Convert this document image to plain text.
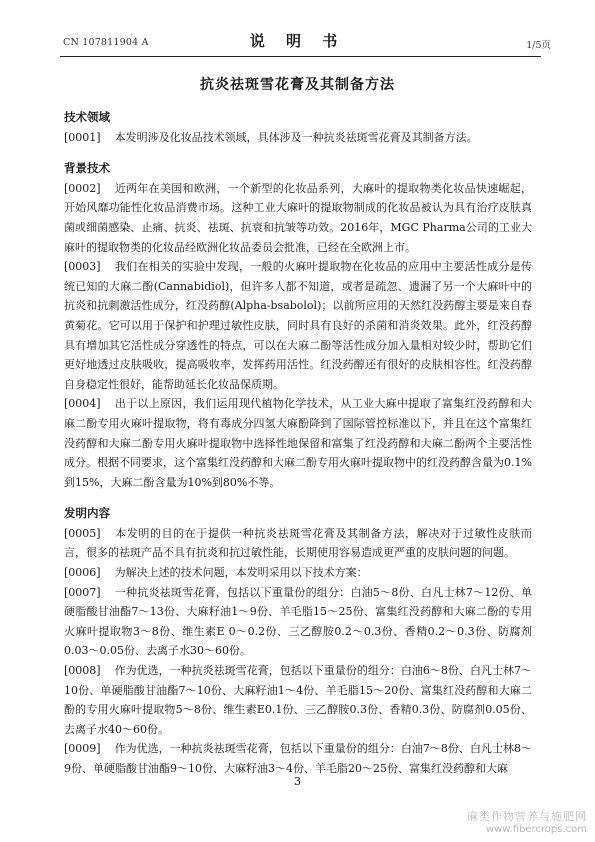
CN 107811904 A	说 明 书	1/5页
抗炎祛斑雪花膏及其制备方法

技术领域

[0001] 本发明涉及化妆品技术领域，具体涉及一种抗炎祛斑雪花膏及其制备方法。

背景技术

[0002] 近两年在美国和欧洲，一个新型的化妆品系列，大麻叶的提取物类化妆品快速崛起，开始风靡功能性化妆品消费市场。这种工业大麻叶的提取物制成的化妆品被认为具有治疗皮肤真菌或细菌感染、止痛、抗炎、祛斑、抗衰和抗皱等功效。2016年，MGC Pharma公司的工业大麻叶的提取物类的化妆品经欧洲化妆品委员会批准，已经在全欧洲上市。

[0003] 我们在相关的实验中发现，一般的火麻叶提取物在化妆品的应用中主要活性成分是传统已知的大麻二酚(Cannabidiol)，但许多人都不知道，或者是疏忽、遗漏了另一个大麻叶中的抗炎和抗刺激活性成分，红没药醇(Alpha-bsabolol)；以前所应用的天然红没药醇主要是来自春黄菊花。它可以用于保护和护理过敏性皮肤，同时具有良好的杀菌和消炎效果。此外，红没药醇具有增加其它活性成分穿透性的特点，可以在大麻二酚等活性成分加入量相对较少时，帮助它们更好地透过皮肤吸收，提高吸收率，发挥药用活性。红没药醇还有很好的皮肤相容性。红没药醇自身稳定性很好，能帮助延长化妆品保质期。

[0004] 出于以上原因，我们运用现代植物化学技术，从工业大麻中提取了富集红没药醇和大麻二酚专用火麻叶提取物，将有毒成分四氢大麻酚降到了国际管控标准以下，并且在这个富集红没药醇和大麻二酚专用火麻叶提取物中选择性地保留和富集了红没药醇和大麻二酚两个主要活性成分。根据不同要求，这个富集红没药醇和大麻二酚专用火麻叶提取物中的红没药醇含量为0.1%到15%，大麻二酚含量为10%到80%不等。

发明内容

[0005] 本发明的目的在于提供一种抗炎祛斑雪花膏及其制备方法，解决对于过敏性皮肤而言，很多的祛斑产品不具有抗炎和抗过敏性能，长期使用容易造成更严重的皮肤问题的问题。

[0006] 为解决上述的技术问题，本发明采用以下技术方案：

[0007] 一种抗炎祛斑雪花膏，包括以下重量份的组分：白油5～8份、白凡士林7～12份、单硬脂酸甘油酯7～13份、大麻籽油1～9份、羊毛脂15～25份、富集红没药醇和大麻二酚的专用火麻叶提取物3～8份、维生素E 0～0.2份、三乙醇胺0.2～0.3份、香精0.2～0.3份、防腐剂0.03～0.05份、去离子水30～60份。

[0008] 作为优选，一种抗炎祛斑雪花膏，包括以下重量份的组分：白油6～8份、白凡士林7～10份、单硬脂酸甘油酯7～10份、大麻籽油1～4份、羊毛脂15～20份、富集红没药醇和大麻二酚的专用火麻叶提取物5～8份、维生素E0.1份、三乙醇胺0.3份、香精0.3份、防腐剂0.05份、去离子水40～60份。

[0009] 作为优选，一种抗炎祛斑雪花膏，包括以下重量份的组分：白油7～8份、白凡士林8～9份、单硬脂酸甘油酯9～10份、大麻籽油3～4份、羊毛脂20～25份、富集红没药醇和大麻

3
麻类作物营养与施肥网
www.fibercrops.com
